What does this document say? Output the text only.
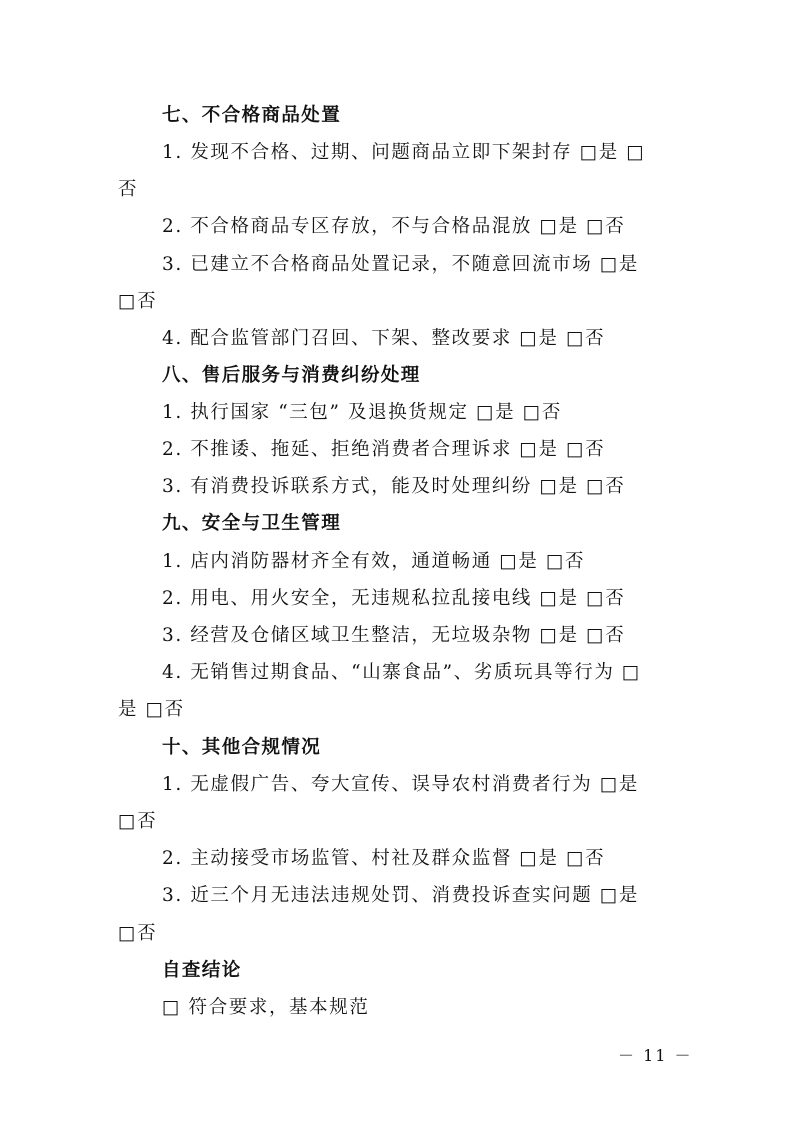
七、不合格商品处置
1. 发现不合格、过期、问题商品立即下架封存 □是 □
否
2. 不合格商品专区存放，不与合格品混放 □是 □否
3. 已建立不合格商品处置记录，不随意回流市场 □是
□否
4. 配合监管部门召回、下架、整改要求 □是 □否
八、售后服务与消费纠纷处理
1. 执行国家 “三包” 及退换货规定 □是 □否
2. 不推诿、拖延、拒绝消费者合理诉求 □是 □否
3. 有消费投诉联系方式，能及时处理纠纷 □是 □否
九、安全与卫生管理
1. 店内消防器材齐全有效，通道畅通 □是 □否
2. 用电、用火安全，无违规私拉乱接电线 □是 □否
3. 经营及仓储区域卫生整洁，无垃圾杂物 □是 □否
4. 无销售过期食品、“山寨食品”、劣质玩具等行为 □
是 □否
十、其他合规情况
1. 无虚假广告、夸大宣传、误导农村消费者行为 □是
□否
2. 主动接受市场监管、村社及群众监督 □是 □否
3. 近三个月无违法违规处罚、消费投诉查实问题 □是
□否
自查结论
□ 符合要求，基本规范
－ 11 －
